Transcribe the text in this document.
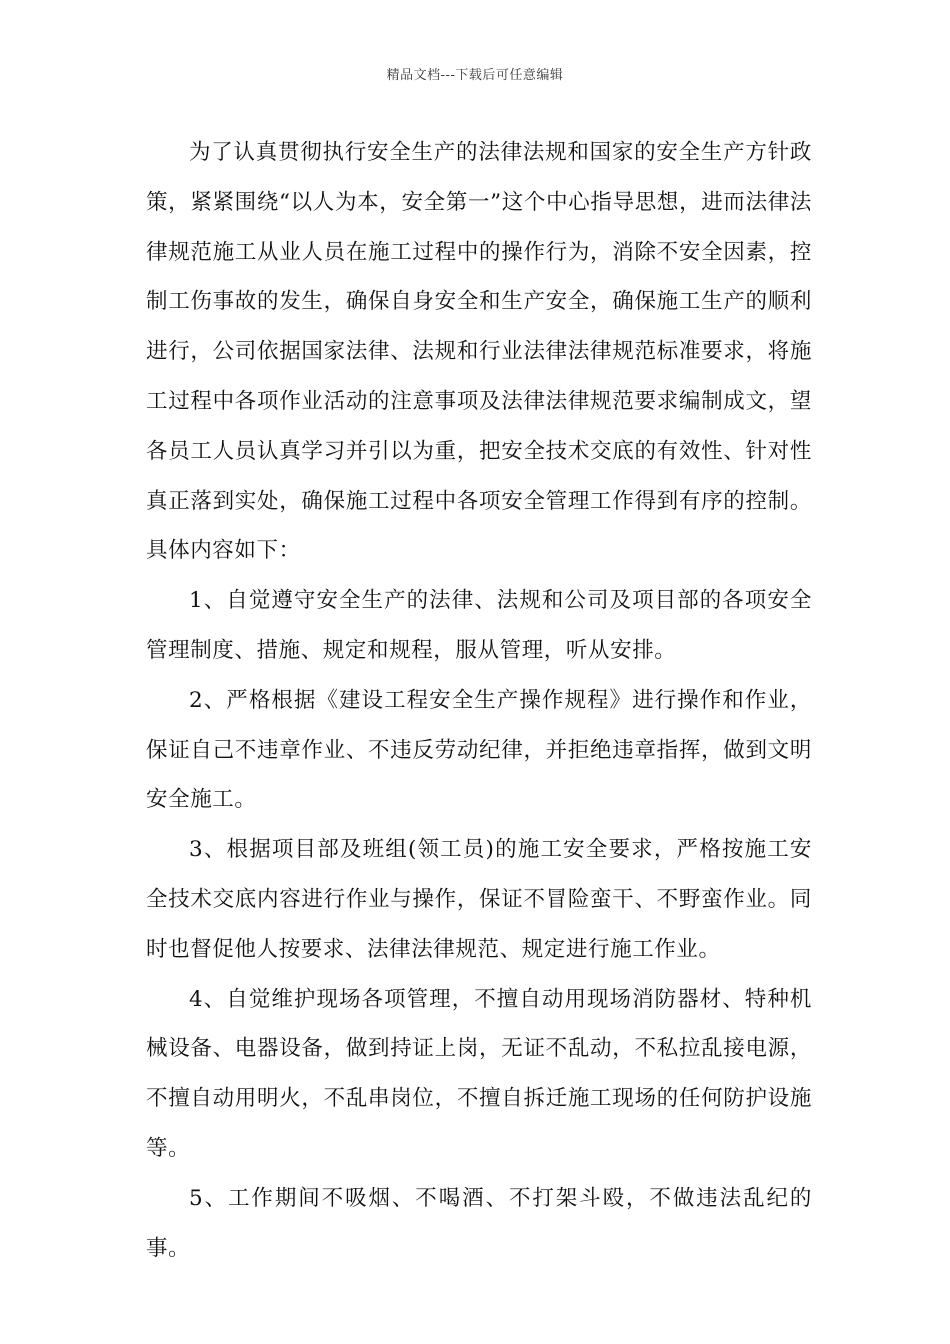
精品文档---下载后可任意编辑

为了认真贯彻执行安全生产的法律法规和国家的安全生产方针政策，紧紧围绕“以人为本，安全第一”这个中心指导思想，进而法律法律规范施工从业人员在施工过程中的操作行为，消除不安全因素，控制工伤事故的发生，确保自身安全和生产安全，确保施工生产的顺利进行，公司依据国家法律、法规和行业法律法律规范标准要求，将施工过程中各项作业活动的注意事项及法律法律规范要求编制成文，望各员工人员认真学习并引以为重，把安全技术交底的有效性、针对性真正落到实处，确保施工过程中各项安全管理工作得到有序的控制。具体内容如下：

1、自觉遵守安全生产的法律、法规和公司及项目部的各项安全管理制度、措施、规定和规程，服从管理，听从安排。

2、严格根据《建设工程安全生产操作规程》进行操作和作业，保证自己不违章作业、不违反劳动纪律，并拒绝违章指挥，做到文明安全施工。

3、根据项目部及班组(领工员)的施工安全要求，严格按施工安全技术交底内容进行作业与操作，保证不冒险蛮干、不野蛮作业。同时也督促他人按要求、法律法律规范、规定进行施工作业。

4、自觉维护现场各项管理，不擅自动用现场消防器材、特种机械设备、电器设备，做到持证上岗，无证不乱动，不私拉乱接电源，不擅自动用明火，不乱串岗位，不擅自拆迁施工现场的任何防护设施等。

5、工作期间不吸烟、不喝酒、不打架斗殴，不做违法乱纪的事。
